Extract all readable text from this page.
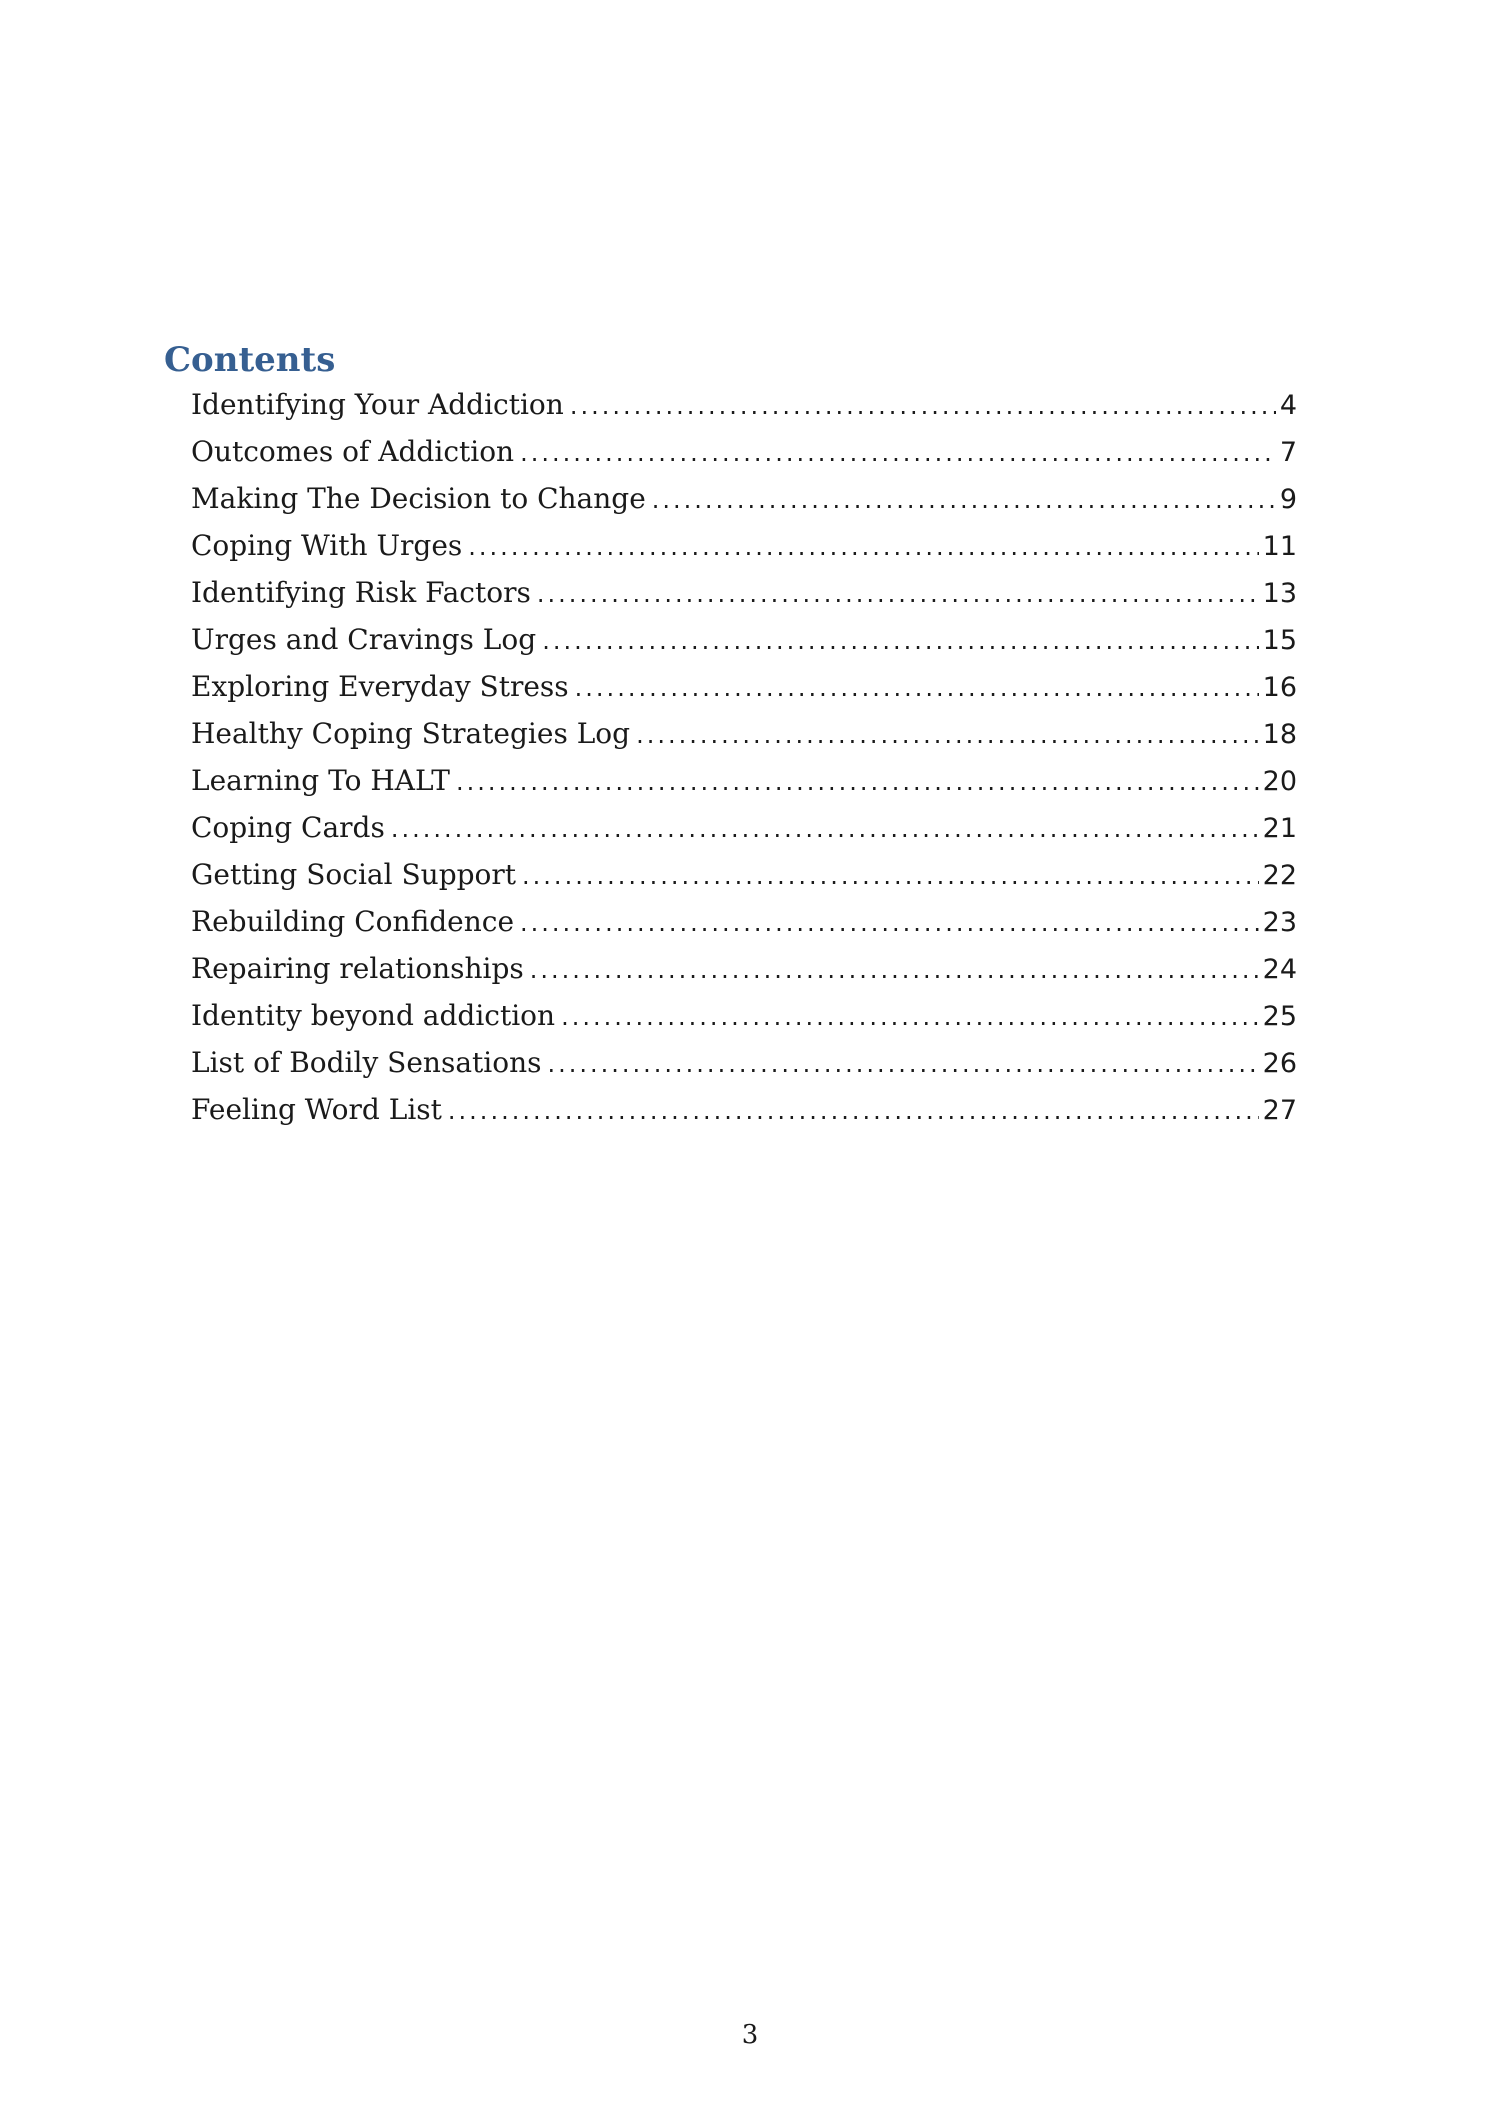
Contents
Identifying Your Addiction .....	4
Outcomes of Addiction .....	7
Making The Decision to Change .....	9
Coping With Urges .....	11
Identifying Risk Factors .....	13
Urges and Cravings Log .....	15
Exploring Everyday Stress .....	16
Healthy Coping Strategies Log .....	18
Learning To HALT .....	20
Coping Cards .....	21
Getting Social Support .....	22
Rebuilding Confidence .....	23
Repairing relationships .....	24
Identity beyond addiction .....	25
List of Bodily Sensations .....	26
Feeling Word List .....	27
3
